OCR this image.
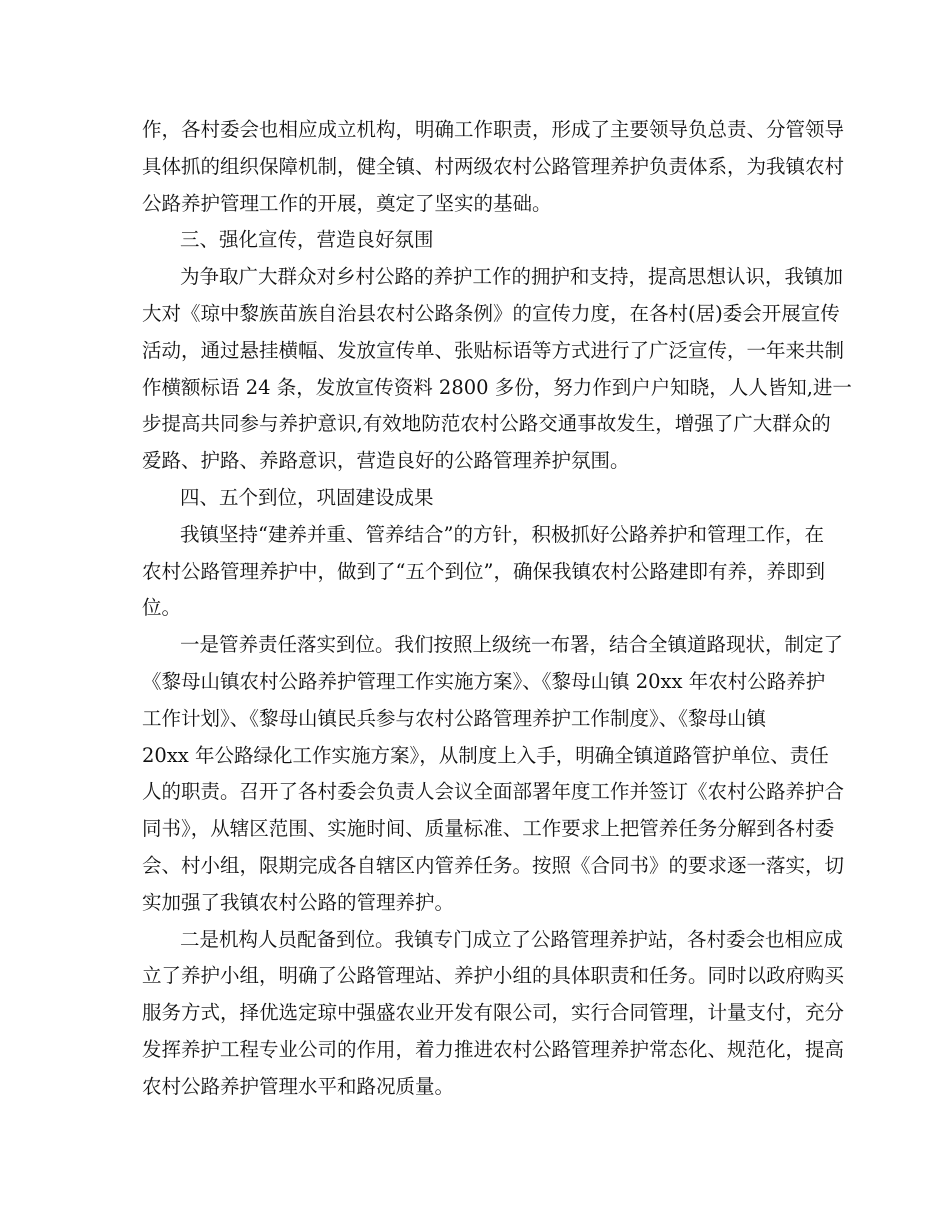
作，各村委会也相应成立机构，明确工作职责，形成了主要领导负总责、分管领导
具体抓的组织保障机制，健全镇、村两级农村公路管理养护负责体系，为我镇农村
公路养护管理工作的开展，奠定了坚实的基础。
三、强化宣传，营造良好氛围
为争取广大群众对乡村公路的养护工作的拥护和支持，提高思想认识，我镇加
大对《琼中黎族苗族自治县农村公路条例》的宣传力度，在各村(居)委会开展宣传
活动，通过悬挂横幅、发放宣传单、张贴标语等方式进行了广泛宣传，一年来共制
作横额标语 24 条，发放宣传资料 2800 多份，努力作到户户知晓，人人皆知,进一
步提高共同参与养护意识,有效地防范农村公路交通事故发生，增强了广大群众的
爱路、护路、养路意识，营造良好的公路管理养护氛围。
四、五个到位，巩固建设成果
我镇坚持“建养并重、管养结合”的方针，积极抓好公路养护和管理工作，在
农村公路管理养护中，做到了“五个到位”，确保我镇农村公路建即有养，养即到
位。
一是管养责任落实到位。我们按照上级统一布署，结合全镇道路现状，制定了
《黎母山镇农村公路养护管理工作实施方案》、《黎母山镇 20xx 年农村公路养护
工作计划》、《黎母山镇民兵参与农村公路管理养护工作制度》、《黎母山镇
20xx 年公路绿化工作实施方案》，从制度上入手，明确全镇道路管护单位、责任
人的职责。召开了各村委会负责人会议全面部署年度工作并签订《农村公路养护合
同书》，从辖区范围、实施时间、质量标准、工作要求上把管养任务分解到各村委
会、村小组，限期完成各自辖区内管养任务。按照《合同书》的要求逐一落实，切
实加强了我镇农村公路的管理养护。
二是机构人员配备到位。我镇专门成立了公路管理养护站，各村委会也相应成
立了养护小组，明确了公路管理站、养护小组的具体职责和任务。同时以政府购买
服务方式，择优选定琼中强盛农业开发有限公司，实行合同管理，计量支付，充分
发挥养护工程专业公司的作用，着力推进农村公路管理养护常态化、规范化，提高
农村公路养护管理水平和路况质量。
